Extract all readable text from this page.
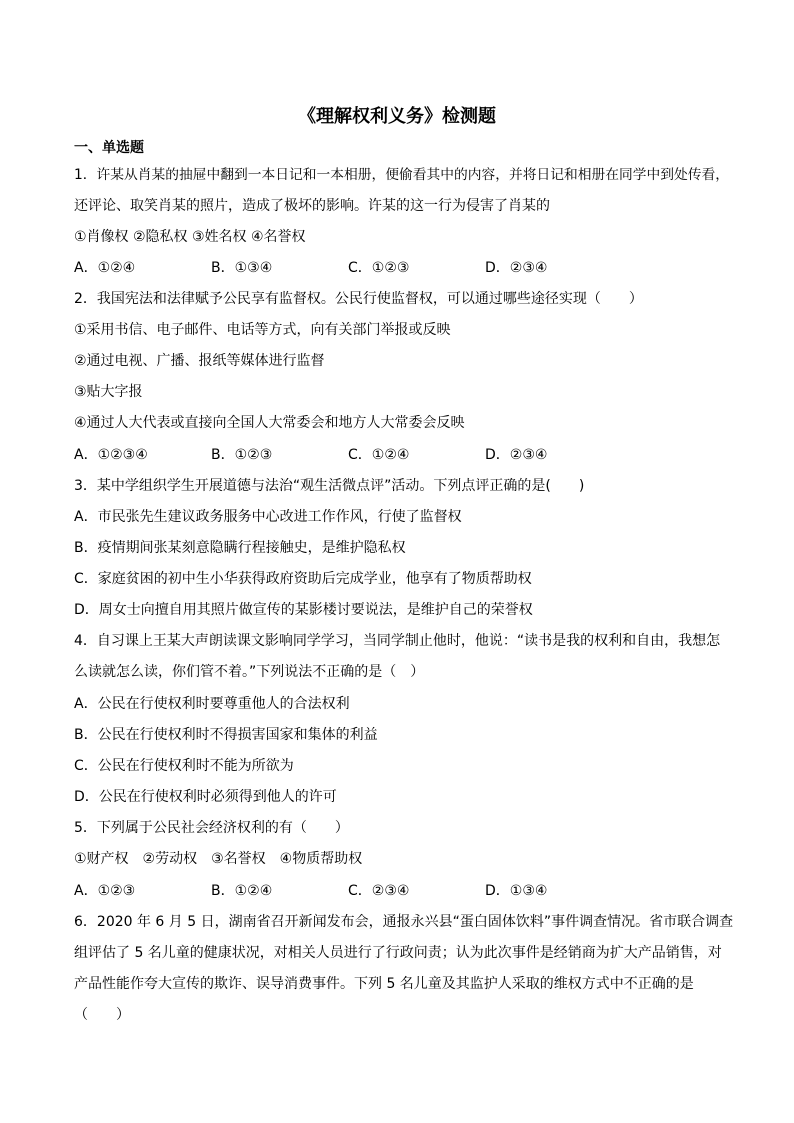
《理解权利义务》检测题
一、单选题
1．许某从肖某的抽屉中翻到一本日记和一本相册，便偷看其中的内容，并将日记和相册在同学中到处传看，
还评论、取笑肖某的照片，造成了极坏的影响。许某的这一行为侵害了肖某的
①肖像权 ②隐私权 ③姓名权 ④名誉权
A．①②④	B．①③④	C．①②③	D．②③④
2．我国宪法和法律赋予公民享有监督权。公民行使监督权，可以通过哪些途径实现（　　）
①采用书信、电子邮件、电话等方式，向有关部门举报或反映
②通过电视、广播、报纸等媒体进行监督
③贴大字报
④通过人大代表或直接向全国人大常委会和地方人大常委会反映
A．①②③④	B．①②③	C．①②④	D．②③④
3．某中学组织学生开展道德与法治“观生活微点评”活动。下列点评正确的是(　　)
A．市民张先生建议政务服务中心改进工作作风，行使了监督权
B．疫情期间张某刻意隐瞒行程接触史，是维护隐私权
C．家庭贫困的初中生小华获得政府资助后完成学业，他享有了物质帮助权
D．周女士向擅自用其照片做宣传的某影楼讨要说法，是维护自己的荣誉权
4．自习课上王某大声朗读课文影响同学学习，当同学制止他时，他说：“读书是我的权利和自由，我想怎
么读就怎么读，你们管不着。”下列说法不正确的是（　）
A．公民在行使权利时要尊重他人的合法权利
B．公民在行使权利时不得损害国家和集体的利益
C．公民在行使权利时不能为所欲为
D．公民在行使权利时必须得到他人的许可
5．下列属于公民社会经济权利的有（　　）
①财产权　②劳动权　③名誉权　④物质帮助权
A．①②③	B．①②④	C．②③④	D．①③④
6．2020 年 6 月 5 日，湖南省召开新闻发布会，通报永兴县“蛋白固体饮料”事件调查情况。省市联合调查
组评估了 5 名儿童的健康状况，对相关人员进行了行政问责；认为此次事件是经销商为扩大产品销售，对
产品性能作夸大宣传的欺诈、误导消费事件。下列 5 名儿童及其监护人采取的维权方式中不正确的是
（　　）
